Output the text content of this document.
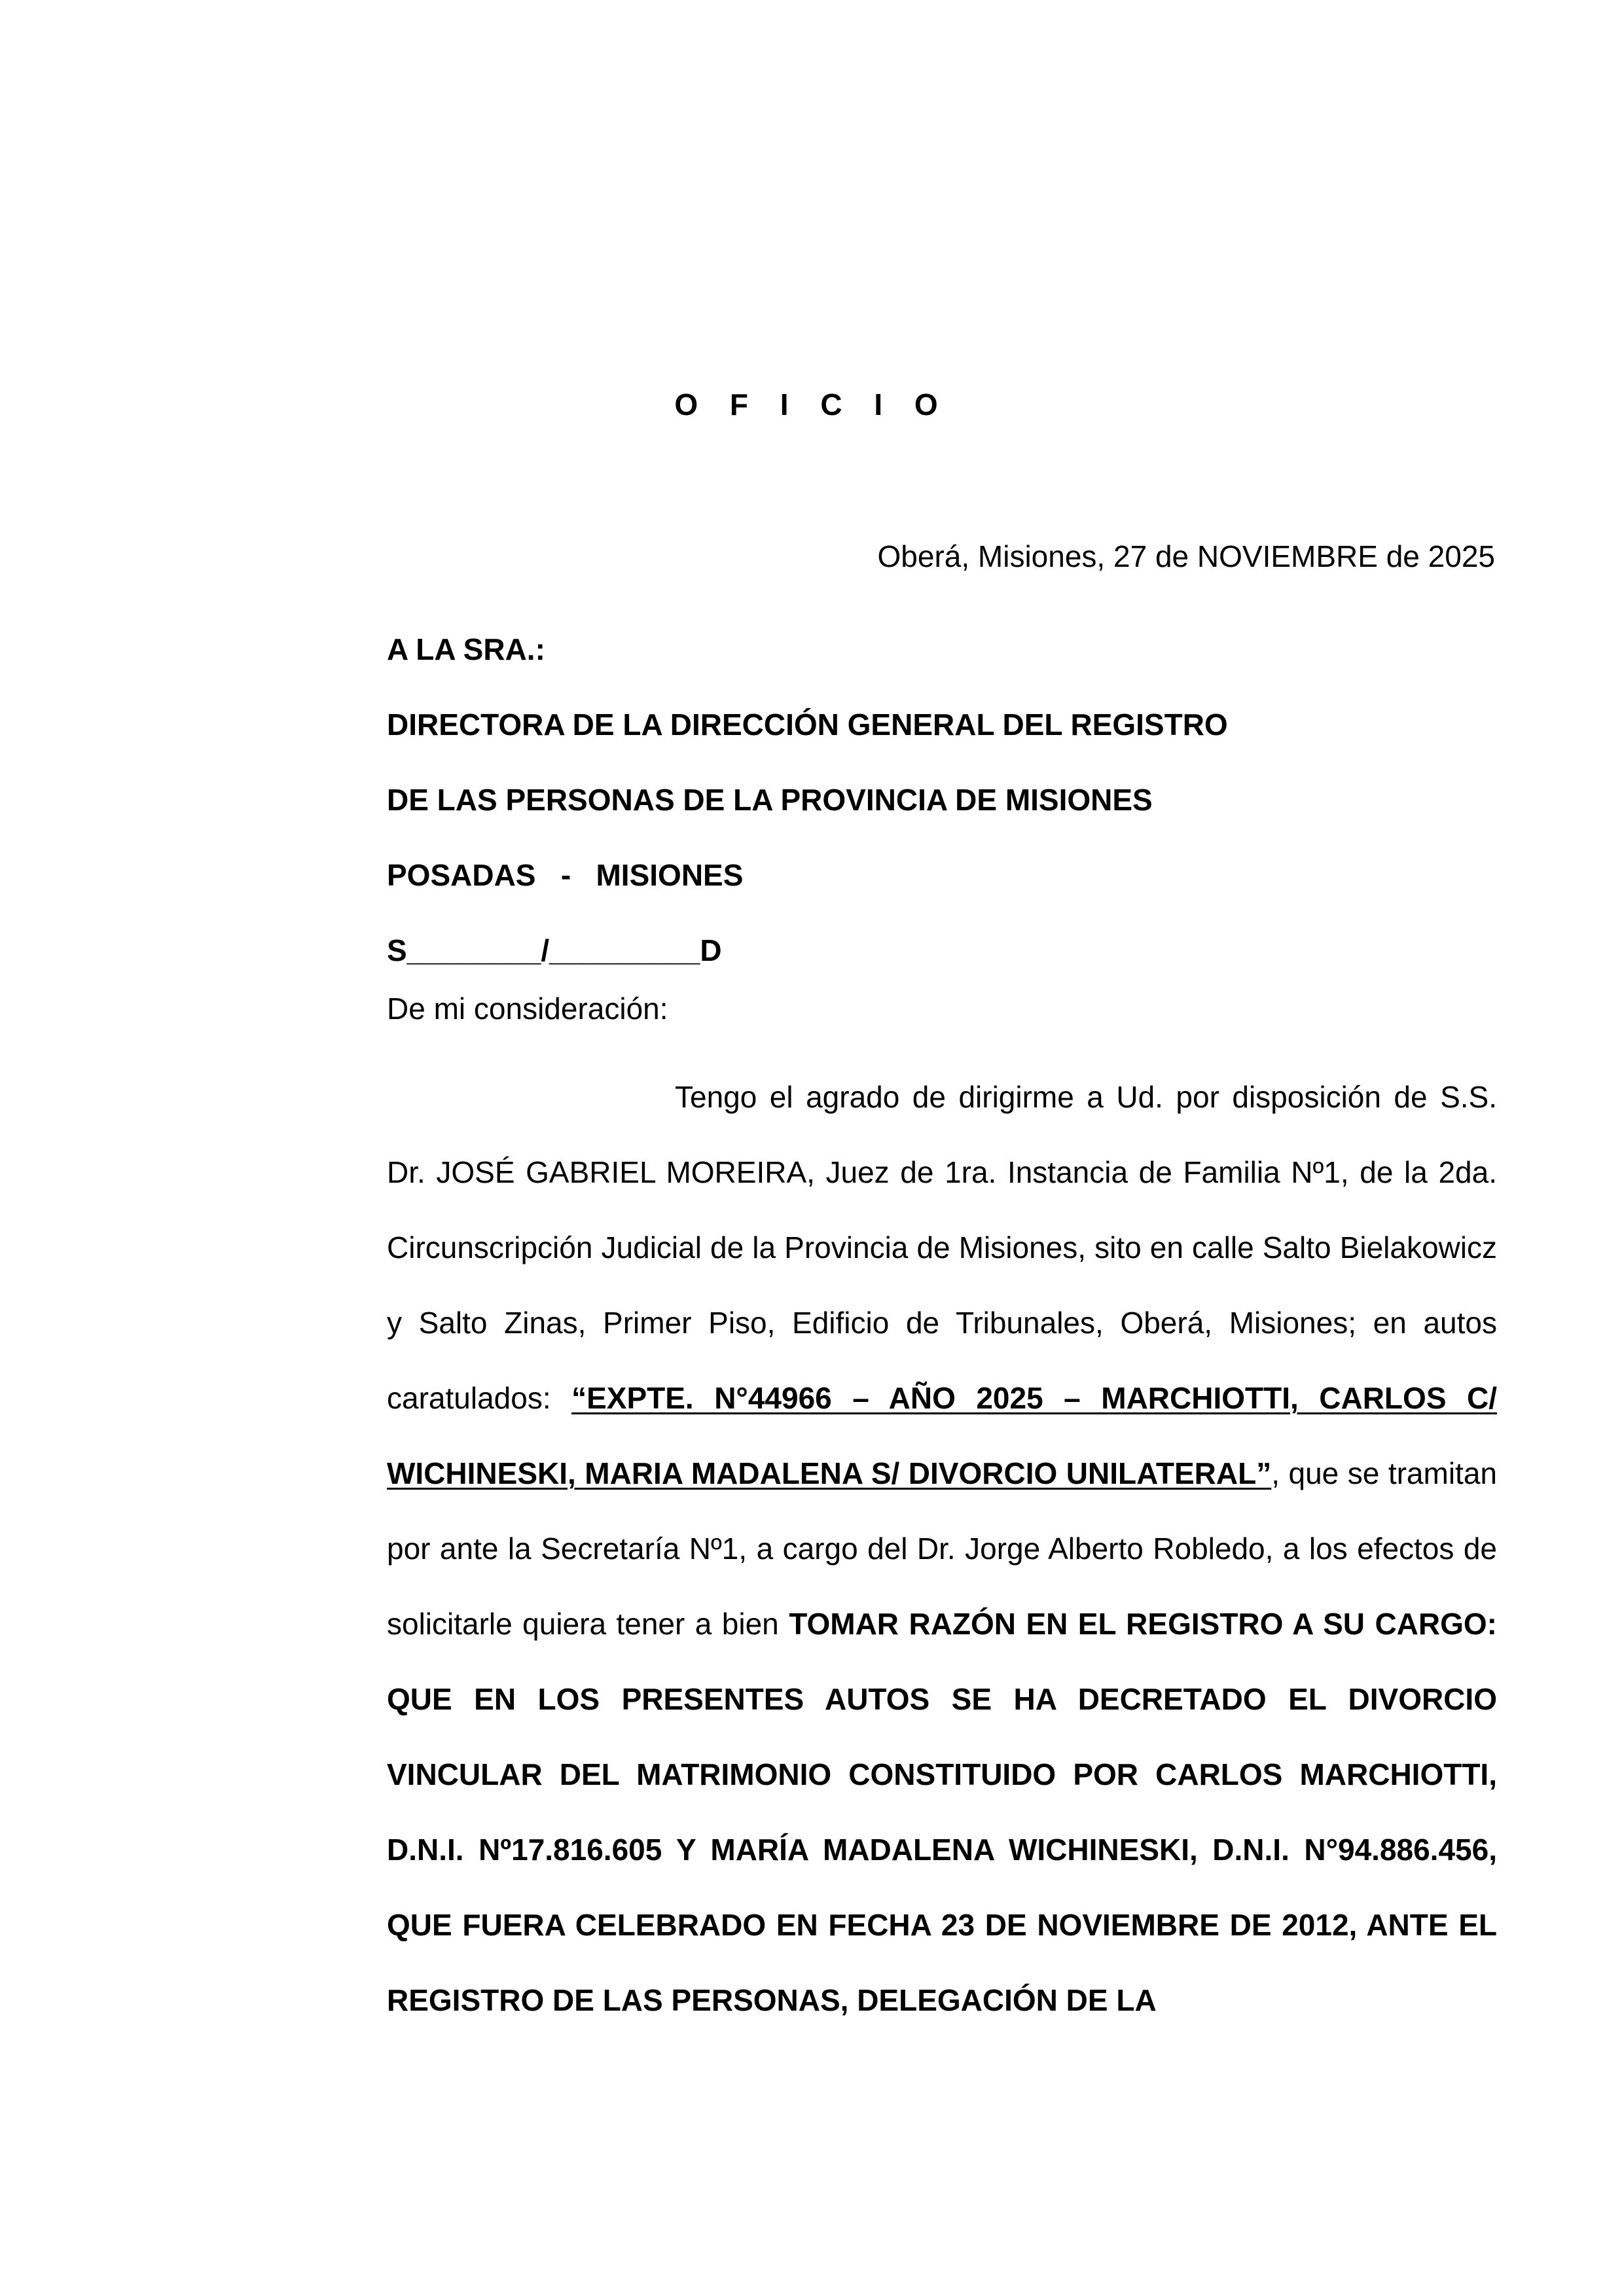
O F I C I O
Oberá, Misiones, 27 de NOVIEMBRE de 2025
A LA SRA.:
DIRECTORA DE LA DIRECCIÓN GENERAL DEL REGISTRO
DE LAS PERSONAS DE LA PROVINCIA DE MISIONES
POSADAS   -   MISIONES
S________/_________D
De mi consideración:
Tengo el agrado de dirigirme a Ud. por disposición de S.S. Dr. JOSÉ GABRIEL MOREIRA, Juez de 1ra. Instancia de Familia Nº1, de la 2da. Circunscripción Judicial de la Provincia de Misiones, sito en calle Salto Bielakowicz y Salto Zinas, Primer Piso, Edificio de Tribunales, Oberá, Misiones; en autos caratulados: “EXPTE. N°44966 – AÑO 2025 – MARCHIOTTI, CARLOS C/ WICHINESKI, MARIA MADALENA S/ DIVORCIO UNILATERAL”, que se tramitan por ante la Secretaría Nº1, a cargo del Dr. Jorge Alberto Robledo, a los efectos de solicitarle quiera tener a bien TOMAR RAZÓN EN EL REGISTRO A SU CARGO: QUE EN LOS PRESENTES AUTOS SE HA DECRETADO EL DIVORCIO VINCULAR DEL MATRIMONIO CONSTITUIDO POR CARLOS MARCHIOTTI, D.N.I. Nº17.816.605 Y MARÍA MADALENA WICHINESKI, D.N.I. N°94.886.456, QUE FUERA CELEBRADO EN FECHA 23 DE NOVIEMBRE DE 2012, ANTE EL REGISTRO DE LAS PERSONAS, DELEGACIÓN DE LA
